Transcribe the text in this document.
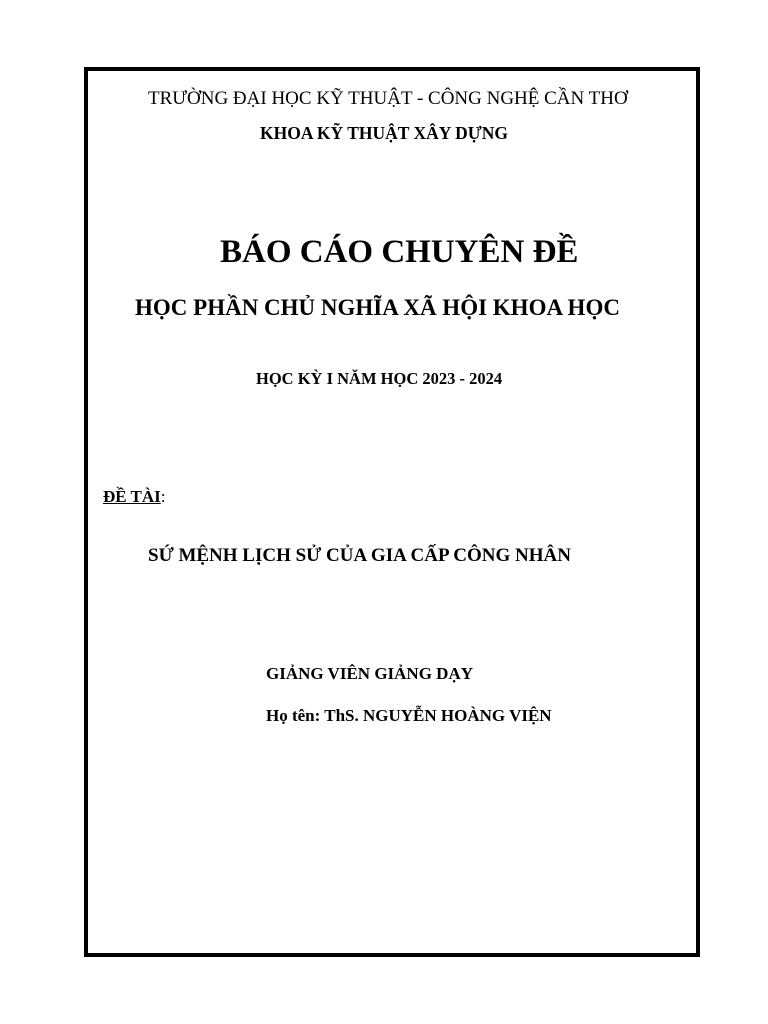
TRƯỜNG ĐẠI HỌC KỸ THUẬT - CÔNG NGHỆ CẦN THƠ
KHOA KỸ THUẬT XÂY DỰNG
BÁO CÁO CHUYÊN ĐỀ
HỌC PHẦN CHỦ NGHĨA XÃ HỘI KHOA HỌC
HỌC KỲ I NĂM HỌC 2023 - 2024
ĐỀ TÀI:
SỨ MỆNH LỊCH SỬ CỦA GIA CẤP CÔNG NHÂN
GIẢNG VIÊN GIẢNG DẠY
Họ tên: ThS. NGUYỄN HOÀNG VIỆN
